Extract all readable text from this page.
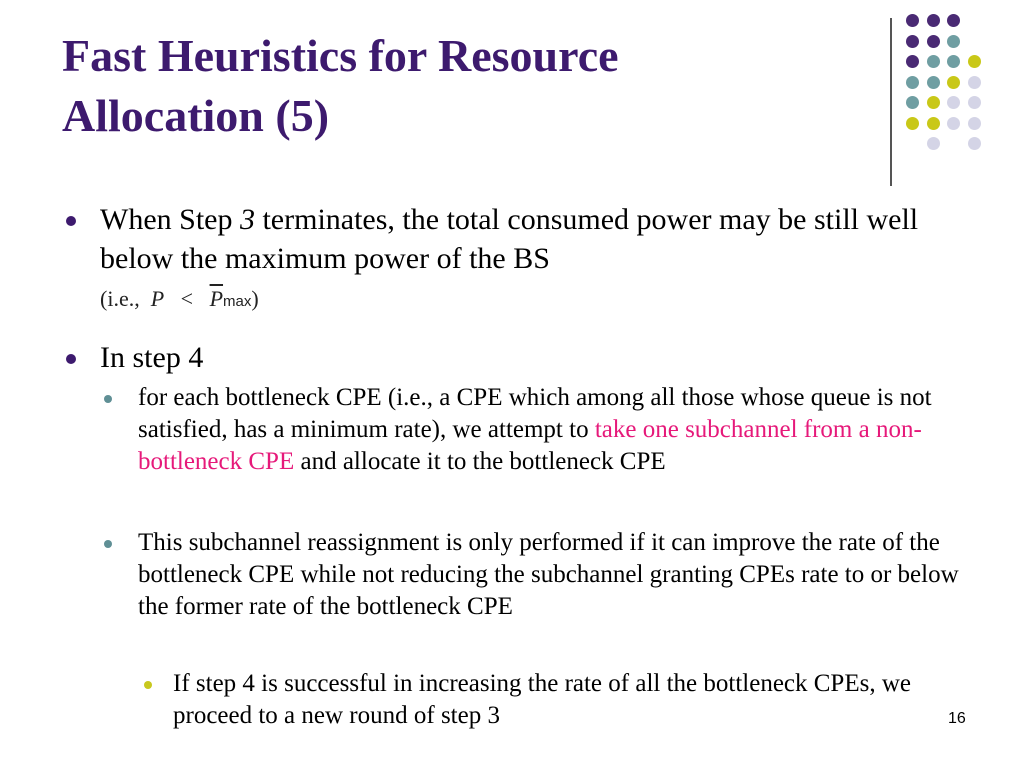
Fast Heuristics for Resource
Allocation (5)
When Step 3 terminates, the total consumed power may be still well below the maximum power of the BS
(i.e., $P < \overline{P}\max$)
In step 4
for each bottleneck CPE (i.e., a CPE which among all those whose queue is not satisfied, has a minimum rate), we attempt to take one subchannel from a non-bottleneck CPE and allocate it to the bottleneck CPE
This subchannel reassignment is only performed if it can improve the rate of the bottleneck CPE while not reducing the subchannel granting CPEs rate to or below the former rate of the bottleneck CPE
If step 4 is successful in increasing the rate of all the bottleneck CPEs, we proceed to a new round of step 3	16
